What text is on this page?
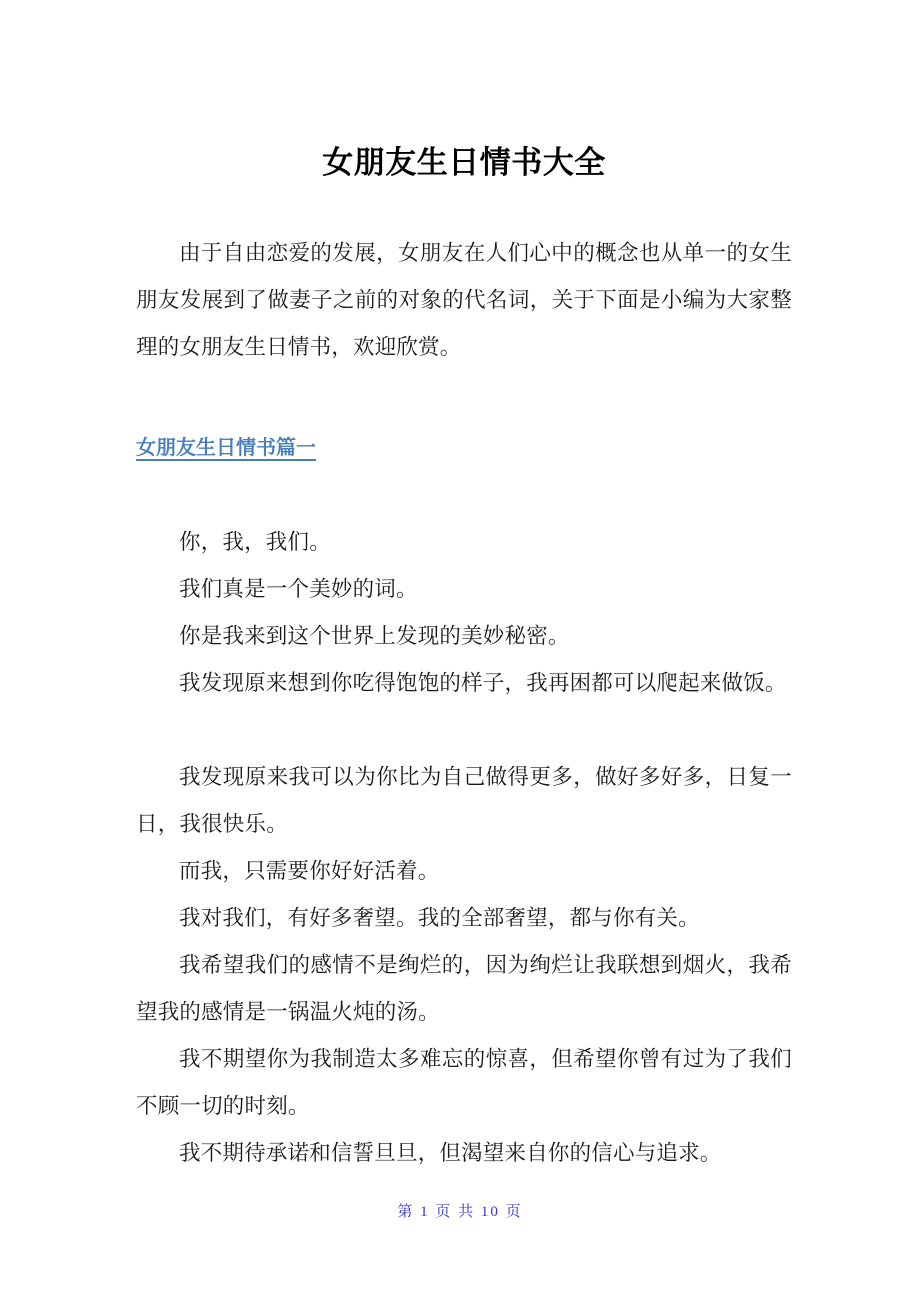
女朋友生日情书大全

由于自由恋爱的发展，女朋友在人们心中的概念也从单一的女生朋友发展到了做妻子之前的对象的代名词，关于下面是小编为大家整理的女朋友生日情书，欢迎欣赏。

女朋友生日情书篇一

你，我，我们。

我们真是一个美妙的词。

你是我来到这个世界上发现的美妙秘密。

我发现原来想到你吃得饱饱的样子，我再困都可以爬起来做饭。

我发现原来我可以为你比为自己做得更多，做好多好多，日复一日，我很快乐。

而我，只需要你好好活着。

我对我们，有好多奢望。我的全部奢望，都与你有关。

我希望我们的感情不是绚烂的，因为绚烂让我联想到烟火，我希望我的感情是一锅温火炖的汤。

我不期望你为我制造太多难忘的惊喜，但希望你曾有过为了我们不顾一切的时刻。

我不期待承诺和信誓旦旦，但渴望来自你的信心与追求。

第 1 页 共 10 页
